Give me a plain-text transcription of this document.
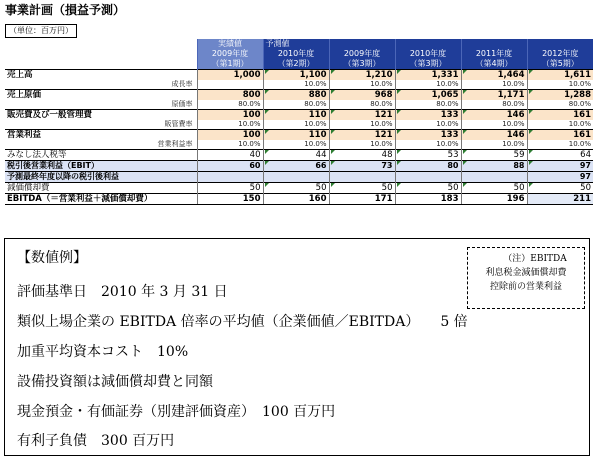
事業計画（損益予測）
（単位：百万円）
	実績値	予測値				
	2009年度	2010年度	2009年度	2010年度	2011年度	2012年度
	（第1期）	（第2期）	（第3期）	（第3期）	（第4期）	（第5期）
売上高	1,000	1,100	1,210	1,331	1,464	1,611
成長率		10.0%	10.0%	10.0%	10.0%	10.0%
売上原価	800	880	968	1,065	1,171	1,288
原価率	80.0%	80.0%	80.0%	80.0%	80.0%	80.0%
販売費及び一般管理費	100	110	121	133	146	161
販管費率	10.0%	10.0%	10.0%	10.0%	10.0%	10.0%
営業利益	100	110	121	133	146	161
営業利益率	10.0%	10.0%	10.0%	10.0%	10.0%	10.0%
みなし法人税等	40	44	48	53	59	64
税引後営業利益（EBIT）	60	66	73	80	88	97
予測最終年度以降の税引後利益						97
減価償却費	50	50	50	50	50	50
EBITDA（＝営業利益＋減価償却費）	150	160	171	183	196	211
【数値例】
評価基準日　2010 年 3 月 31 日
類似上場企業の EBITDA 倍率の平均値（企業価値／EBITDA）　　5 倍
加重平均資本コスト　10%
設備投資額は減価償却費と同額
現金預金・有価証券（別建評価資産）　100 百万円
有利子負債　300 百万円
（注）EBITDA
利息税金減価償却費
控除前の営業利益
